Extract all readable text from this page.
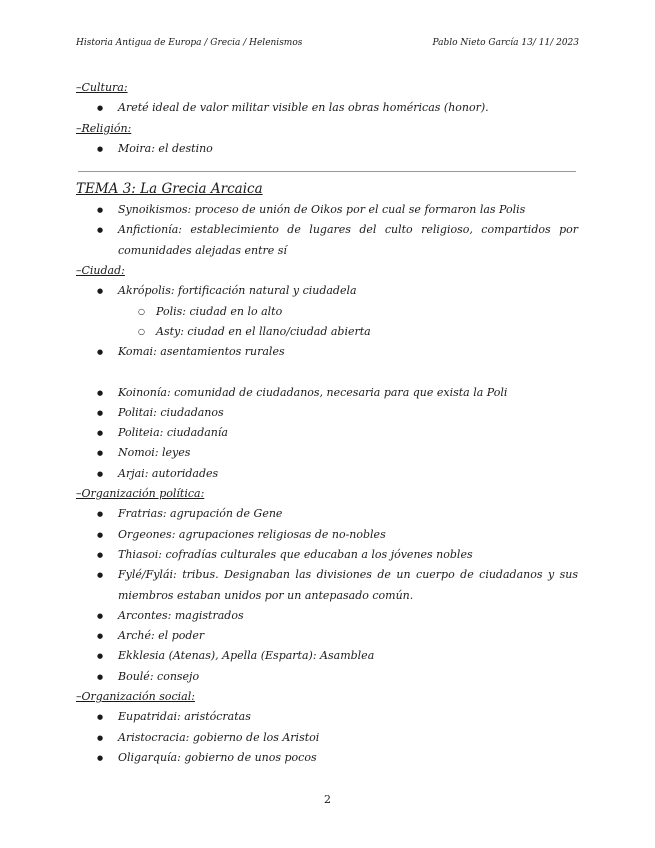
Historia Antigua de Europa / Grecia / Helenismos	Pablo Nieto García 13/ 11/ 2023
–Cultura:
● Areté ideal de valor militar visible en las obras homéricas (honor).
–Religión:
● Moira: el destino
TEMA 3: La Grecia Arcaica
● Synoikismos: proceso de unión de Oikos por el cual se formaron las Polis
● Anfictionía: establecimiento de lugares del culto religioso, compartidos por comunidades alejadas entre sí
–Ciudad:
● Akrópolis: fortificación natural y ciudadela
○ Polis: ciudad en lo alto
○ Asty: ciudad en el llano/ciudad abierta
● Komai: asentamientos rurales
● Koinonía: comunidad de ciudadanos, necesaria para que exista la Poli
● Politai: ciudadanos
● Politeia: ciudadanía
● Nomoi: leyes
● Arjai: autoridades
–Organización política:
● Fratrias: agrupación de Gene
● Orgeones: agrupaciones religiosas de no-nobles
● Thiasoi: cofradías culturales que educaban a los jóvenes nobles
● Fylé/Fylái: tribus. Designaban las divisiones de un cuerpo de ciudadanos y sus miembros estaban unidos por un antepasado común.
● Arcontes: magistrados
● Arché: el poder
● Ekklesia (Atenas), Apella (Esparta): Asamblea
● Boulé: consejo
–Organización social:
● Eupatridai: aristócratas
● Aristocracia: gobierno de los Aristoi
● Oligarquía: gobierno de unos pocos
2
